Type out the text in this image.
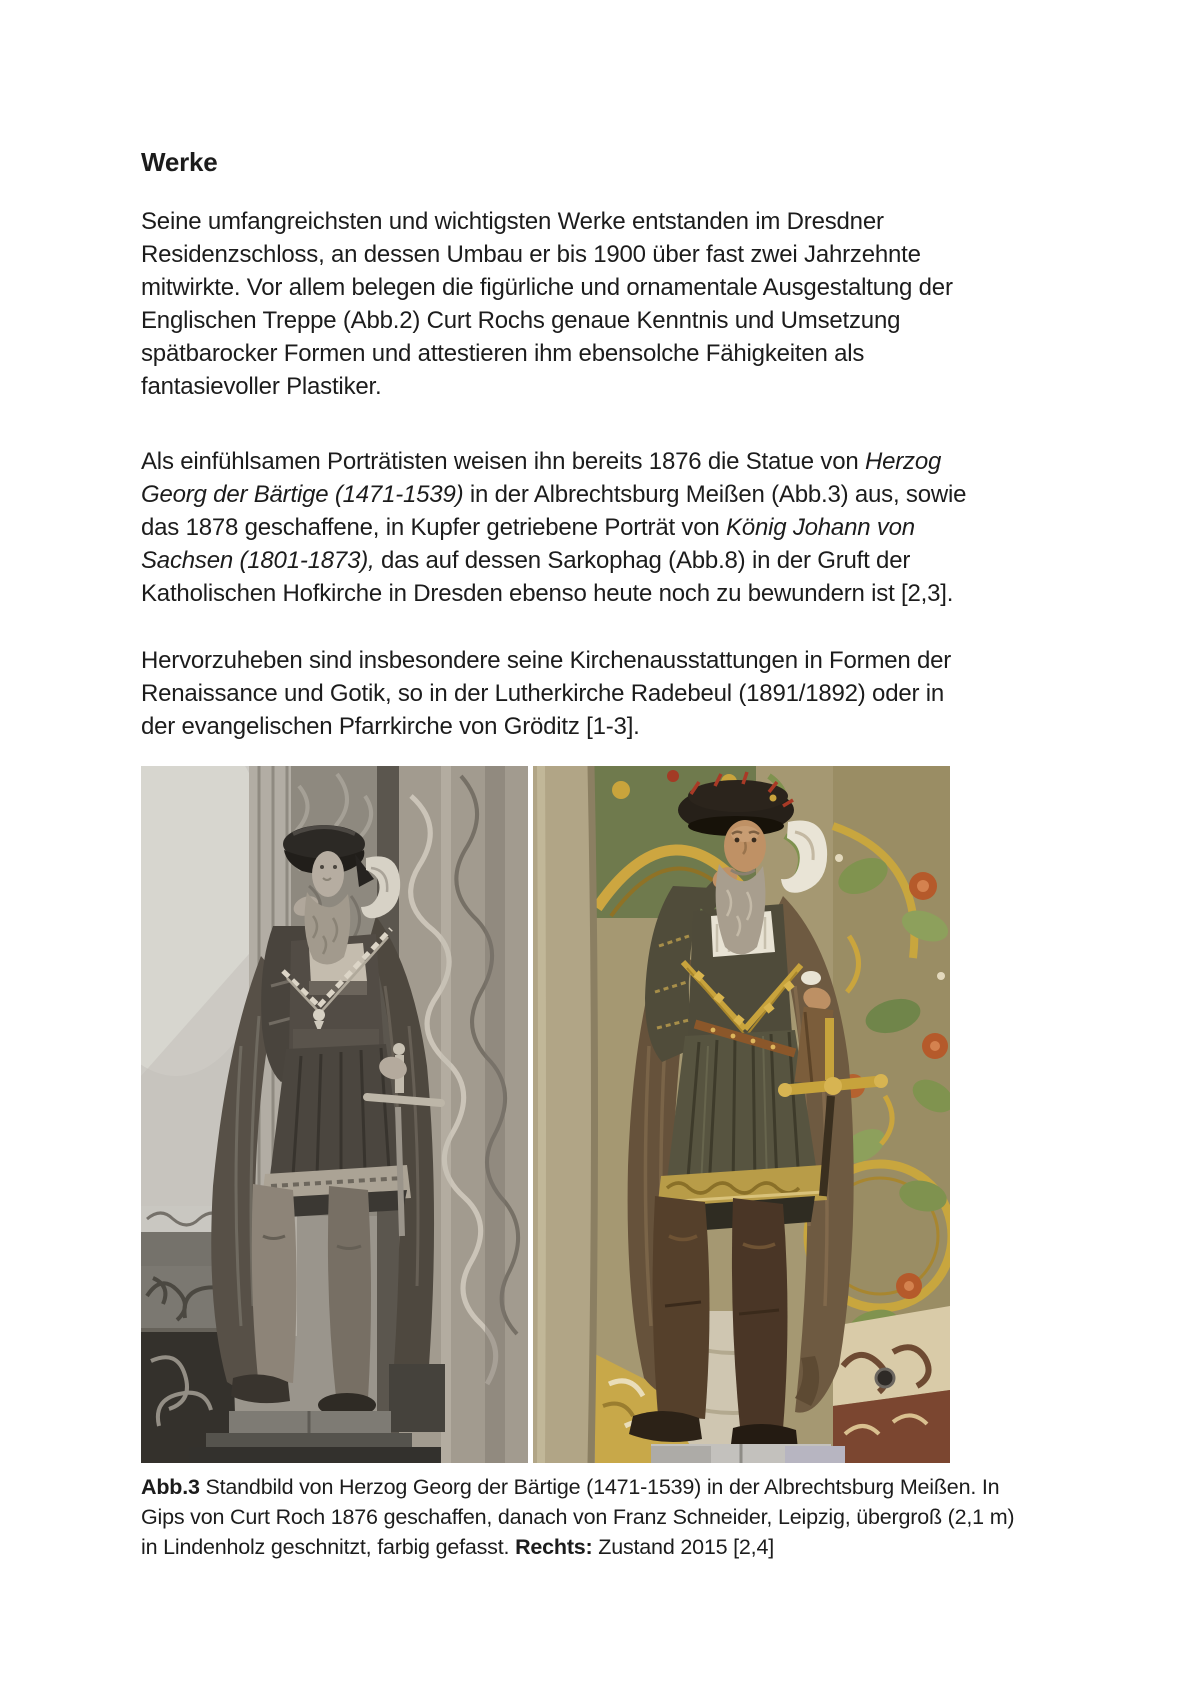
Werke

Seine umfangreichsten und wichtigsten Werke entstanden im Dresdner
Residenzschloss, an dessen Umbau er bis 1900 über fast zwei Jahrzehnte
mitwirkte. Vor allem belegen die figürliche und ornamentale Ausgestaltung der
Englischen Treppe (Abb.2) Curt Rochs genaue Kenntnis und Umsetzung
spätbarocker Formen und attestieren ihm ebensolche Fähigkeiten als
fantasievoller Plastiker.

Als einfühlsamen Porträtisten weisen ihn bereits 1876 die Statue von Herzog
Georg der Bärtige (1471-1539) in der Albrechtsburg Meißen (Abb.3) aus, sowie
das 1878 geschaffene, in Kupfer getriebene Porträt von König Johann von
Sachsen (1801-1873), das auf dessen Sarkophag (Abb.8) in der Gruft der
Katholischen Hofkirche in Dresden ebenso heute noch zu bewundern ist [2,3].

Hervorzuheben sind insbesondere seine Kirchenausstattungen in Formen der
Renaissance und Gotik, so in der Lutherkirche Radebeul (1891/1892) oder in
der evangelischen Pfarrkirche von Gröditz [1-3].

Abb.3 Standbild von Herzog Georg der Bärtige (1471-1539) in der Albrechtsburg Meißen. In
Gips von Curt Roch 1876 geschaffen, danach von Franz Schneider, Leipzig, übergroß (2,1 m)
in Lindenholz geschnitzt, farbig gefasst. Rechts: Zustand 2015 [2,4]
